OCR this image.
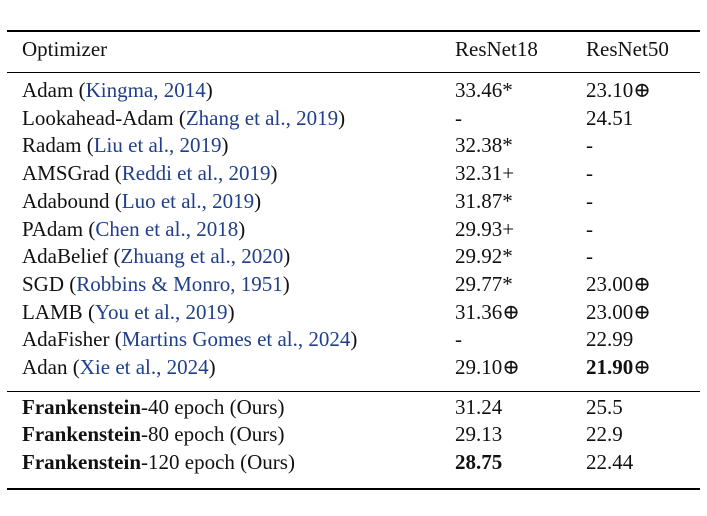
Optimizer	ResNet18	ResNet50
Adam (Kingma, 2014)	33.46*	23.10⊕
Lookahead-Adam (Zhang et al., 2019)	-	24.51
Radam (Liu et al., 2019)	32.38*	-
AMSGrad (Reddi et al., 2019)	32.31+	-
Adabound (Luo et al., 2019)	31.87*	-
PAdam (Chen et al., 2018)	29.93+	-
AdaBelief (Zhuang et al., 2020)	29.92*	-
SGD (Robbins & Monro, 1951)	29.77*	23.00⊕
LAMB (You et al., 2019)	31.36⊕	23.00⊕
AdaFisher (Martins Gomes et al., 2024)	-	22.99
Adan (Xie et al., 2024)	29.10⊕	21.90⊕
Frankenstein-40 epoch (Ours)	31.24	25.5
Frankenstein-80 epoch (Ours)	29.13	22.9
Frankenstein-120 epoch (Ours)	28.75	22.44
